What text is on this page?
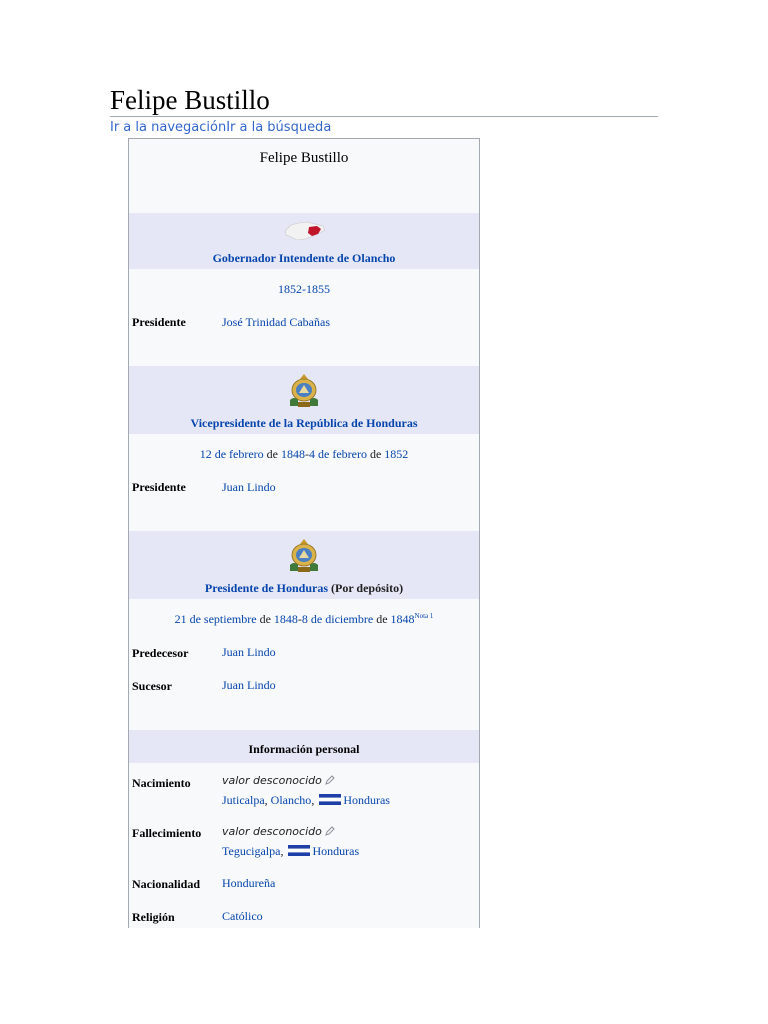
Felipe Bustillo
Ir a la navegaciónIr a la búsqueda
Felipe Bustillo
Gobernador Intendente de Olancho
1852-1855
Presidente	José Trinidad Cabañas
Vicepresidente de la República de Honduras
12 de febrero de 1848-4 de febrero de 1852
Presidente	Juan Lindo
Presidente de Honduras (Por depósito)
21 de septiembre de 1848-8 de diciembre de $1848^{Nota 1}$
Predecesor	Juan Lindo
Sucesor	Juan Lindo
Información personal
Nacimiento	valor desconocido
Juticalpa, Olancho, Honduras
Fallecimiento valor desconocido
Tegucigalpa, Honduras
Nacionalidad Hondureña
Religión	Católico
